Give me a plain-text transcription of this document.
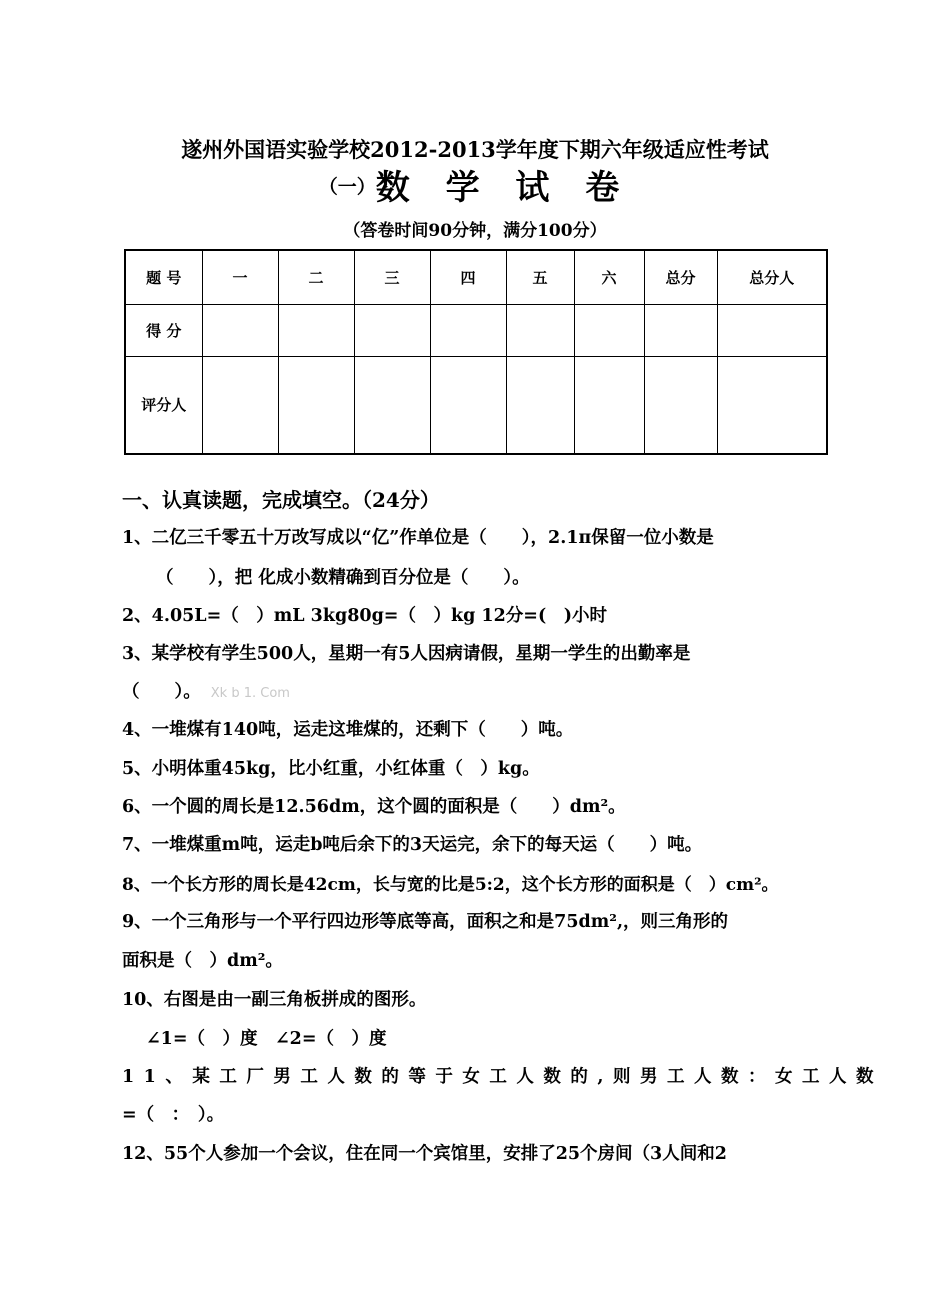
遂州外国语实验学校2012-2013学年度下期六年级适应性考试
（一）数 学 试 卷
（答卷时间90分钟，满分100分）
题 号	一	二	三	四	五	六	总分	总分人
得 分								
评分人								
一、认真读题，完成填空。（24分）
1、二亿三千零五十万改写成以“亿”作单位是（　　），2.1π保留一位小数是
（　　），把 化成小数精确到百分位是（　　）。
2、4.05L=（　）mL 3kg80g=（　）kg 12分=(　)小时
3、某学校有学生500人，星期一有5人因病请假，星期一学生的出勤率是
（　　）。 Xk b 1. Com
4、一堆煤有140吨，运走这堆煤的，还剩下（　　）吨。
5、小明体重45kg，比小红重，小红体重（　）kg。
6、一个圆的周长是12.56dm，这个圆的面积是（　　）dm²。
7、一堆煤重m吨，运走b吨后余下的3天运完，余下的每天运（　　）吨。
8、一个长方形的周长是42cm，长与宽的比是5:2，这个长方形的面积是（　）cm²。
9、一个三角形与一个平行四边形等底等高，面积之和是75dm²,，则三角形的
面积是（　）dm²。
10、右图是由一副三角板拼成的图形。
∠1=（　）度　∠2=（　）度
11、某工厂男工人数的等于女工人数的,则男工人数：女工人数
=（　：　）。
12、55个人参加一个会议，住在同一个宾馆里，安排了25个房间（3人间和2
